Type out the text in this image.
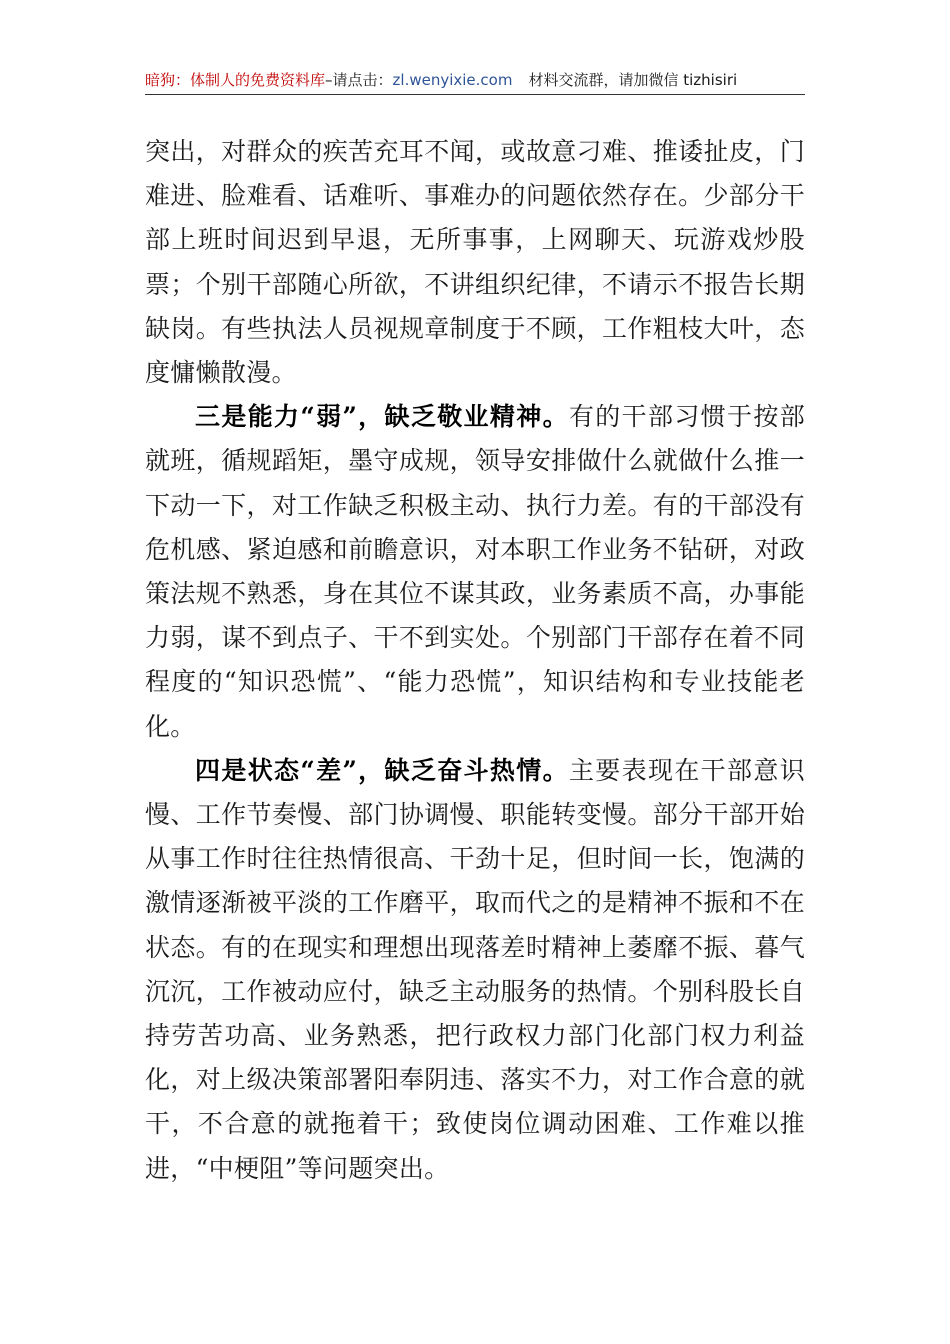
暗狗：体制人的免费资料库–请点击：zl.wenyixie.com 材料交流群，请加微信 tizhisiri

突出，对群众的疾苦充耳不闻，或故意刁难、推诿扯皮，门难进、脸难看、话难听、事难办的问题依然存在。少部分干部上班时间迟到早退，无所事事，上网聊天、玩游戏炒股票；个别干部随心所欲，不讲组织纪律，不请示不报告长期缺岗。有些执法人员视规章制度于不顾，工作粗枝大叶，态度慵懒散漫。

三是能力“弱”，缺乏敬业精神。有的干部习惯于按部就班，循规蹈矩，墨守成规，领导安排做什么就做什么推一下动一下，对工作缺乏积极主动、执行力差。有的干部没有危机感、紧迫感和前瞻意识，对本职工作业务不钻研，对政策法规不熟悉，身在其位不谋其政，业务素质不高，办事能力弱，谋不到点子、干不到实处。个别部门干部存在着不同程度的“知识恐慌”、“能力恐慌”，知识结构和专业技能老化。

四是状态“差”，缺乏奋斗热情。主要表现在干部意识慢、工作节奏慢、部门协调慢、职能转变慢。部分干部开始从事工作时往往热情很高、干劲十足，但时间一长，饱满的激情逐渐被平淡的工作磨平，取而代之的是精神不振和不在状态。有的在现实和理想出现落差时精神上萎靡不振、暮气沉沉，工作被动应付，缺乏主动服务的热情。个别科股长自持劳苦功高、业务熟悉，把行政权力部门化部门权力利益化，对上级决策部署阳奉阴违、落实不力，对工作合意的就干，不合意的就拖着干；致使岗位调动困难、工作难以推进，“中梗阻”等问题突出。
